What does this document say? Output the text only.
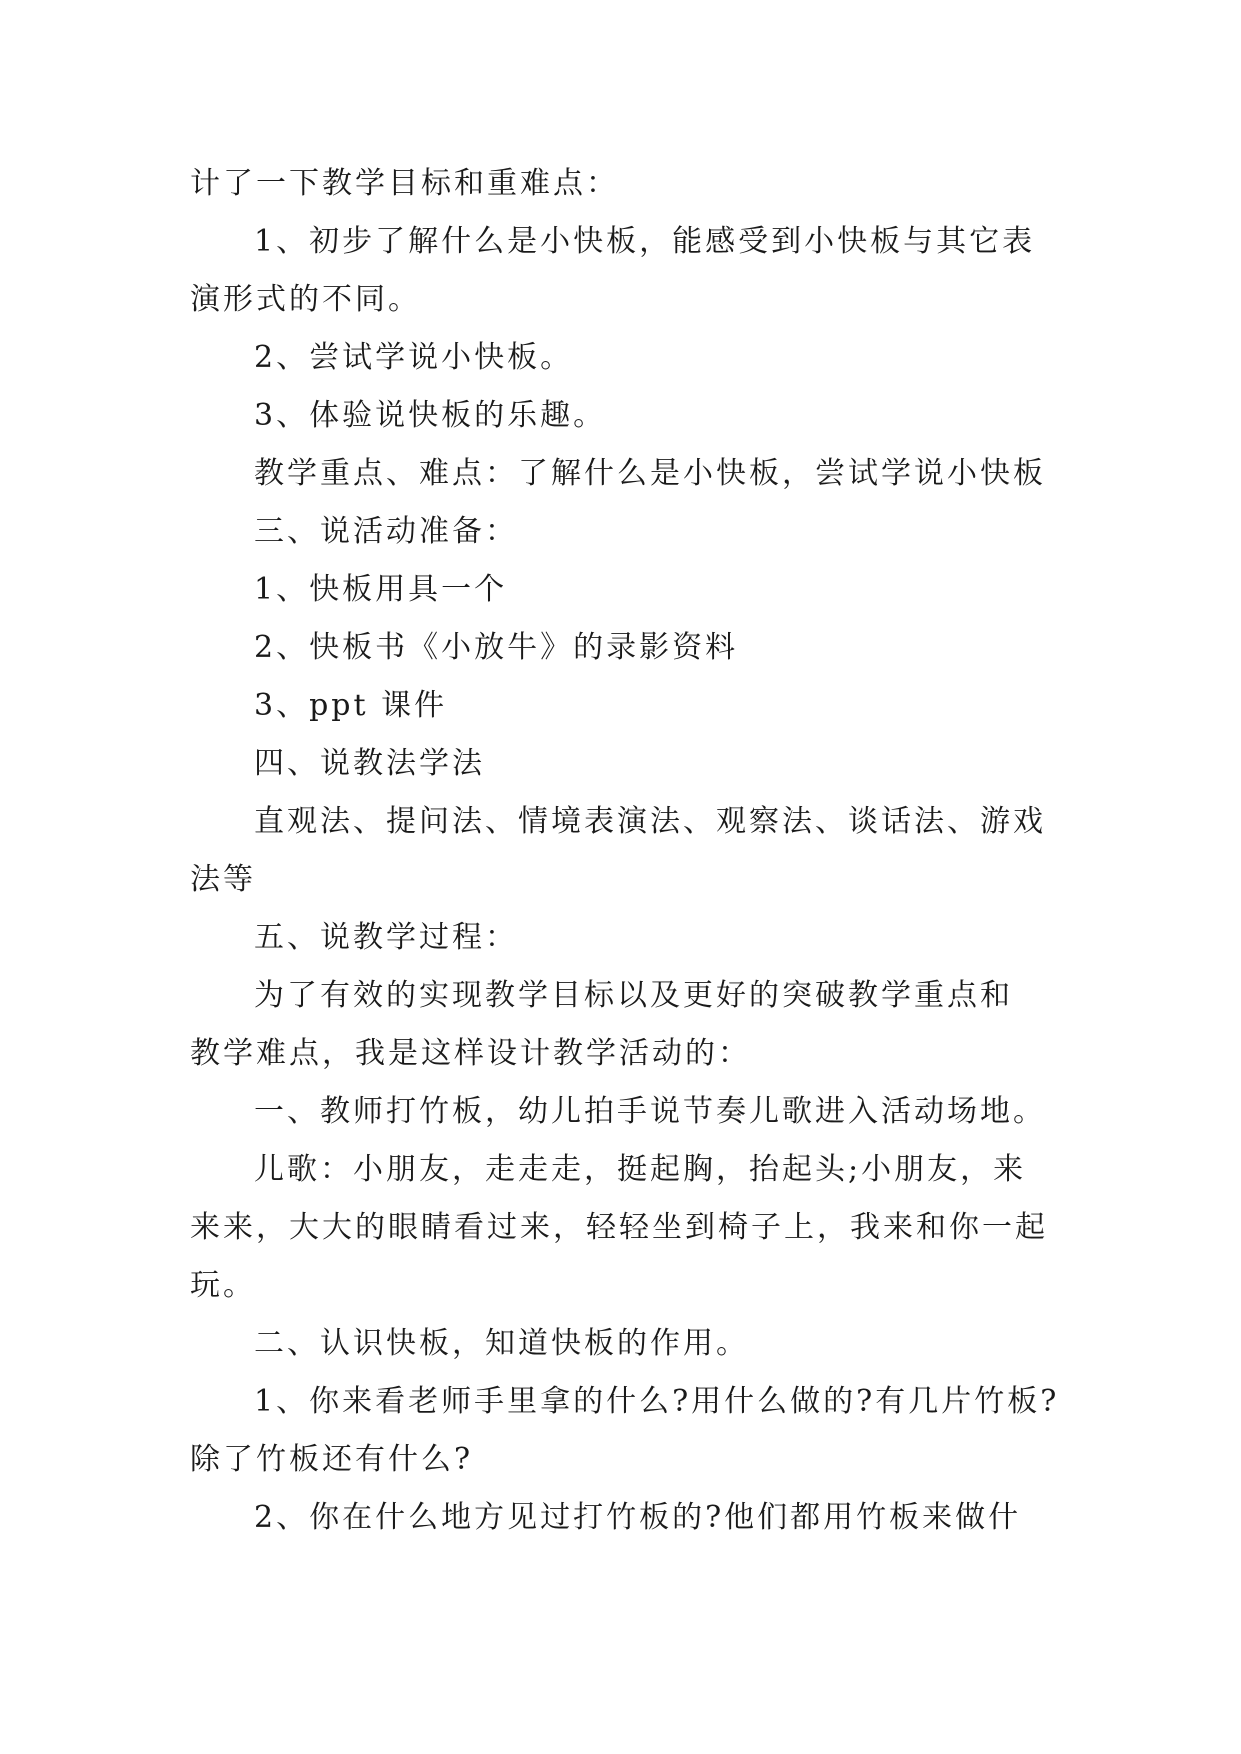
计了一下教学目标和重难点：
1、初步了解什么是小快板，能感受到小快板与其它表
演形式的不同。
2、尝试学说小快板。
3、体验说快板的乐趣。
教学重点、难点：了解什么是小快板，尝试学说小快板
三、说活动准备：
1、快板用具一个
2、快板书《小放牛》的录影资料
3、ppt 课件
四、说教法学法
直观法、提问法、情境表演法、观察法、谈话法、游戏
法等
五、说教学过程：
为了有效的实现教学目标以及更好的突破教学重点和
教学难点，我是这样设计教学活动的：
一、教师打竹板，幼儿拍手说节奏儿歌进入活动场地。
儿歌：小朋友，走走走，挺起胸，抬起头;小朋友，来
来来，大大的眼睛看过来，轻轻坐到椅子上，我来和你一起
玩。
二、认识快板，知道快板的作用。
1、你来看老师手里拿的什么?用什么做的?有几片竹板?
除了竹板还有什么?
2、你在什么地方见过打竹板的?他们都用竹板来做什
